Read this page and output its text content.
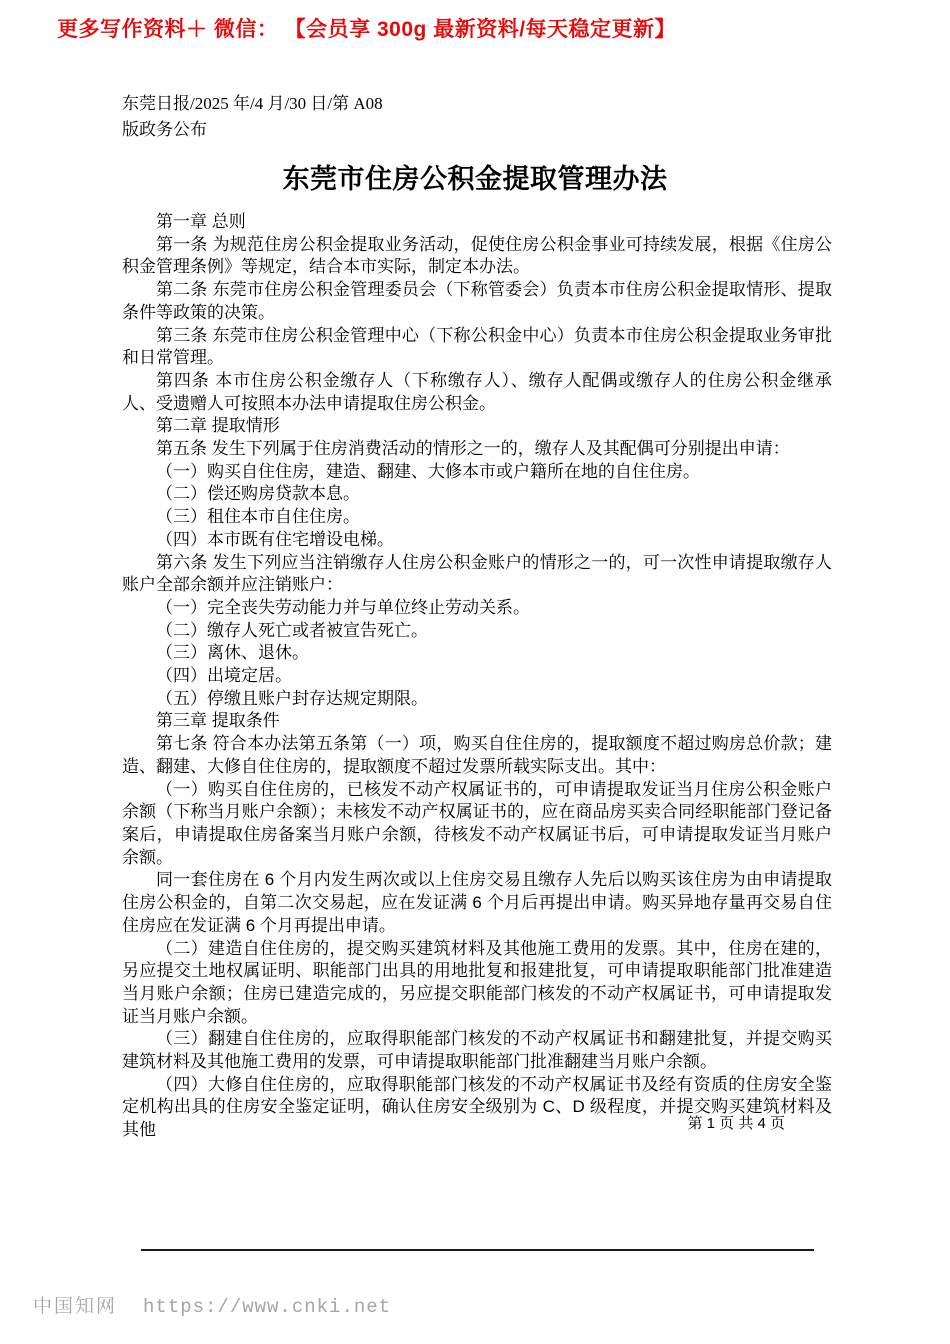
更多写作资料＋ 微信： 【会员享 300g 最新资料/每天稳定更新】
东莞日报/2025 年/4 月/30 日/第 A08
版政务公布
东莞市住房公积金提取管理办法

第一章 总则

第一条 为规范住房公积金提取业务活动，促使住房公积金事业可持续发展，根据《住房公积金管理条例》等规定，结合本市实际，制定本办法。

第二条 东莞市住房公积金管理委员会（下称管委会）负责本市住房公积金提取情形、提取条件等政策的决策。

第三条 东莞市住房公积金管理中心（下称公积金中心）负责本市住房公积金提取业务审批和日常管理。

第四条 本市住房公积金缴存人（下称缴存人）、缴存人配偶或缴存人的住房公积金继承人、受遗赠人可按照本办法申请提取住房公积金。

第二章 提取情形

第五条 发生下列属于住房消费活动的情形之一的，缴存人及其配偶可分别提出申请：

（一）购买自住住房，建造、翻建、大修本市或户籍所在地的自住住房。

（二）偿还购房贷款本息。

（三）租住本市自住住房。

（四）本市既有住宅增设电梯。

第六条 发生下列应当注销缴存人住房公积金账户的情形之一的，可一次性申请提取缴存人账户全部余额并应注销账户：

（一）完全丧失劳动能力并与单位终止劳动关系。

（二）缴存人死亡或者被宣告死亡。

（三）离休、退休。

（四）出境定居。

（五）停缴且账户封存达规定期限。

第三章 提取条件

第七条 符合本办法第五条第（一）项，购买自住住房的，提取额度不超过购房总价款；建造、翻建、大修自住住房的，提取额度不超过发票所载实际支出。其中：

（一）购买自住住房的，已核发不动产权属证书的，可申请提取发证当月住房公积金账户余额（下称当月账户余额）；未核发不动产权属证书的，应在商品房买卖合同经职能部门登记备案后，申请提取住房备案当月账户余额，待核发不动产权属证书后，可申请提取发证当月账户余额。

同一套住房在 6 个月内发生两次或以上住房交易且缴存人先后以购买该住房为由申请提取住房公积金的，自第二次交易起，应在发证满 6 个月后再提出申请。购买异地存量再交易自住住房应在发证满 6 个月再提出申请。

（二）建造自住住房的，提交购买建筑材料及其他施工费用的发票。其中，住房在建的，另应提交土地权属证明、职能部门出具的用地批复和报建批复，可申请提取职能部门批准建造当月账户余额；住房已建造完成的，另应提交职能部门核发的不动产权属证书，可申请提取发证当月账户余额。

（三）翻建自住住房的，应取得职能部门核发的不动产权属证书和翻建批复，并提交购买建筑材料及其他施工费用的发票，可申请提取职能部门批准翻建当月账户余额。

（四）大修自住住房的，应取得职能部门核发的不动产权属证书及经有资质的住房安全鉴定机构出具的住房安全鉴定证明，确认住房安全级别为 C、D 级程度，并提交购买建筑材料及其他	第 1 页 共 4 页
中国知网 https://www.cnki.net
